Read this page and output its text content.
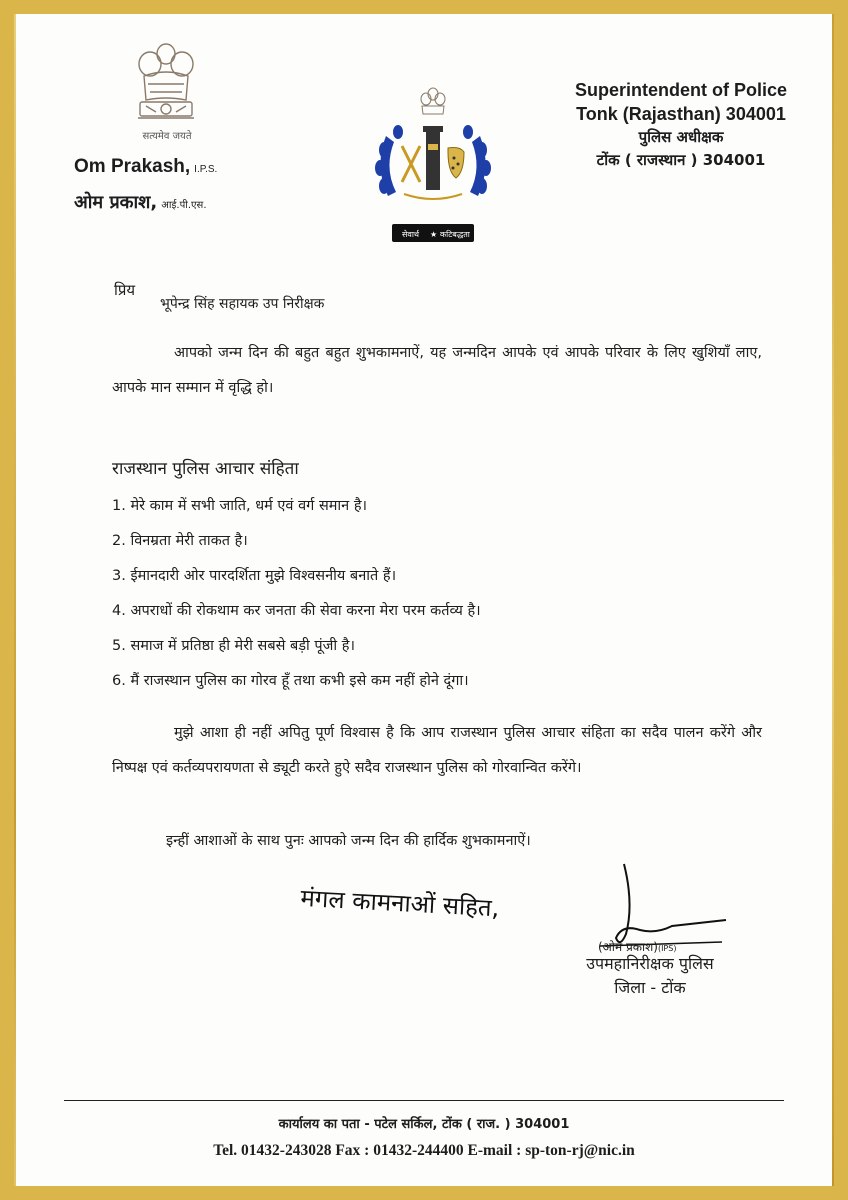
सत्यमेव जयते
Om Prakash, I.P.S.
ओम प्रकाश, आई.पी.एस.
सेवार्थ ★ कटिबद्धता
Superintendent of Police
Tonk (Rajasthan) 304001
पुलिस अधीक्षक
टोंक ( राजस्थान ) 304001
प्रिय
भूपेन्द्र सिंह सहायक उप निरीक्षक
आपको जन्म दिन की बहुत बहुत शुभकामनाऐं, यह जन्मदिन आपके एवं आपके परिवार के लिए खुशियाँ लाए, आपके मान सम्मान में वृद्धि हो।
राजस्थान पुलिस आचार संहिता
1. मेरे काम में सभी जाति, धर्म एवं वर्ग समान है।
2. विनम्रता मेरी ताकत है।
3. ईमानदारी ओर पारदर्शिता मुझे विश्वसनीय बनाते हैं।
4. अपराधों की रोकथाम कर जनता की सेवा करना मेरा परम कर्तव्य है।
5. समाज में प्रतिष्ठा ही मेरी सबसे बड़ी पूंजी है।
6. मैं राजस्थान पुलिस का गोरव हूँ तथा कभी इसे कम नहीं होने दूंगा।
मुझे आशा ही नहीं अपितु पूर्ण विश्वास है कि आप राजस्थान पुलिस आचार संहिता का सदैव पालन करेंगे और निष्पक्ष एवं कर्तव्यपरायणता से ड्यूटी करते हुऐ सदैव राजस्थान पुलिस को गोरवान्वित करेंगे।
इन्हीं आशाओं के साथ पुनः आपको जन्म दिन की हार्दिक शुभकामनाऐं।
मंगल कामनाओं सहित,
(ओम प्रकाश)(IPS)
उपमहानिरीक्षक पुलिस
जिला - टोंक
कार्यालय का पता - पटेल सर्किल, टोंक ( राज. ) 304001
Tel. 01432-243028 Fax : 01432-244400 E-mail : sp-ton-rj@nic.in
